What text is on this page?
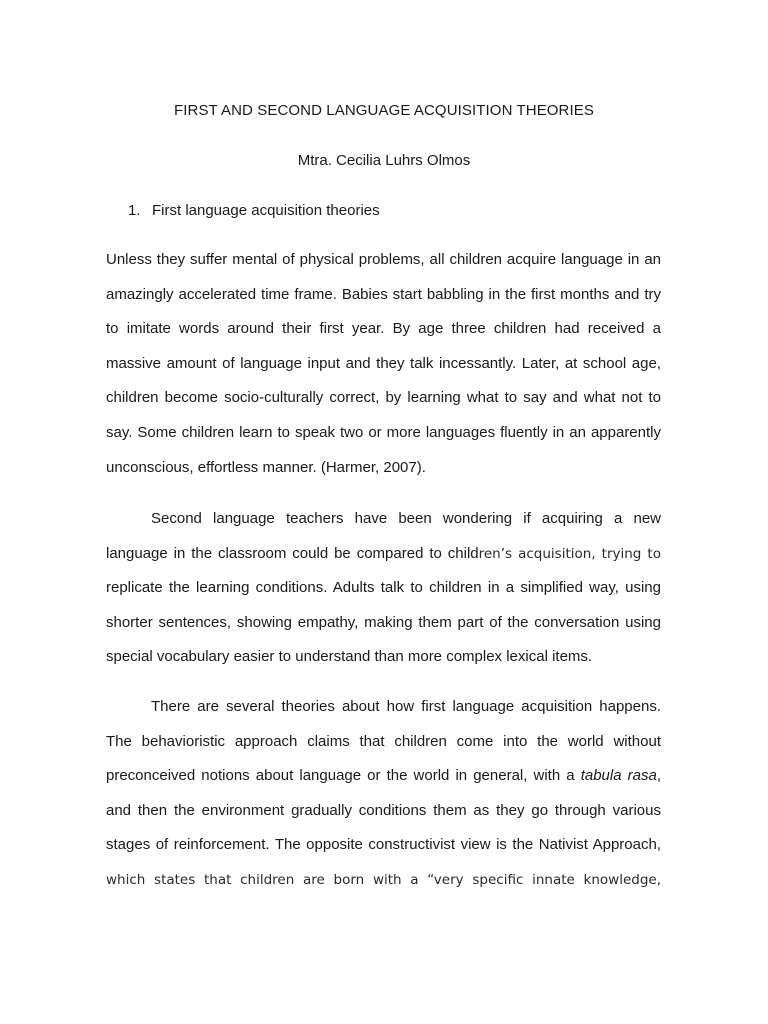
FIRST AND SECOND LANGUAGE ACQUISITION THEORIES
Mtra. Cecilia Luhrs Olmos
1. First language acquisition theories
Unless they suffer mental of physical problems, all children acquire language in an
amazingly accelerated time frame. Babies start babbling in the first months and try
to imitate words around their first year. By age three children had received a
massive amount of language input and they talk incessantly. Later, at school age,
children become socio-culturally correct, by learning what to say and what not to
say. Some children learn to speak two or more languages fluently in an apparently
unconscious, effortless manner. (Harmer, 2007).
Second language teachers have been wondering if acquiring a new
language in the classroom could be compared to children’s acquisition, trying to
replicate the learning conditions. Adults talk to children in a simplified way, using
shorter sentences, showing empathy, making them part of the conversation using
special vocabulary easier to understand than more complex lexical items.
There are several theories about how first language acquisition happens.
The behavioristic approach claims that children come into the world without
preconceived notions about language or the world in general, with a tabula rasa,
and then the environment gradually conditions them as they go through various
stages of reinforcement. The opposite constructivist view is the Nativist Approach,
which states that children are born with a “very specific innate knowledge,
